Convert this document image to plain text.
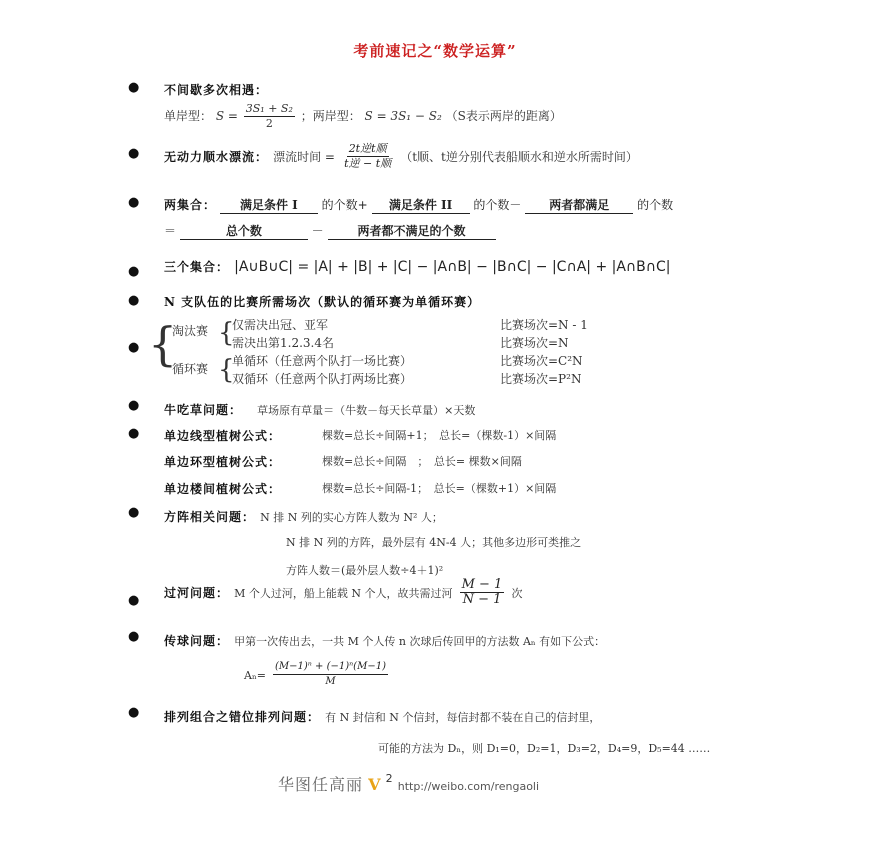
考前速记之“数学运算”
● 不间歇多次相遇：
单岸型： $S = \frac{\text{3S₁ + S₂}}{2}$ ；两岸型： S = 3S₁ − S₂ （S表示两岸的距离）
● 无动力顺水漂流： 漂流时间 = $\frac{\text{2t逆t顺}}{\text{t逆 − t顺}} (t$顺、t逆分别代表船顺水和逆水所需时间）
● 两集合： 满足条件 I 的个数+ 满足条件 II 的个数－ 两者都满足 的个数
＝	总个数	－	两者都不满足的个数
● 三个集合： |A∪B∪C| = |A| + |B| + |C| − |A∩B| − |B∩C| − |C∩A| + |A∩B∩C|
● N 支队伍的比赛所需场次（默认的循环赛为单循环赛）
● {
淘汰赛
循环赛
{
{
仅需决出冠、亚军	比赛场次=N - 1
需决出第1.2.3.4名	比赛场次=N
单循环（任意两个队打一场比赛）	比赛场次=C²N
双循环（任意两个队打两场比赛）	比赛场次=P²N
● 牛吃草问题： 草场原有草量＝（牛数－每天长草量）×天数
● 单边线型植树公式：	棵数=总长÷间隔+1；　总长=（棵数-1）×间隔
单边环型植树公式：	棵数=总长÷间隔　；　总长= 棵数×间隔
单边楼间植树公式：	棵数=总长÷间隔-1；　总长=（棵数+1）×间隔
● 方阵相关问题： N 排 N 列的实心方阵人数为 N² 人；
N 排 N 列的方阵，最外层有 4N-4 人；其他多边形可类推之
方阵人数＝(最外层人数÷4＋1)²
● 过河问题： M 个人过河，船上能载 N 个人，故共需过河 $\frac{M - 1}{N - 1}$ 次
● 传球问题： 甲第一次传出去，一共 M 个人传 n 次球后传回甲的方法数 Aₙ 有如下公式：
$A_n= \frac{\text{(M−1)ⁿ + (−1)ⁿ(M−1)}}{M}$
● 排列组合之错位排列问题： 有 N 封信和 N 个信封，每信封都不装在自己的信封里，
可能的方法为 Dₙ，则 D₁=0，D₂=1，D₃=2，D₄=9，D₅=44 ……
华图任高丽 V $^2$ http://weibo.com/rengaoli
